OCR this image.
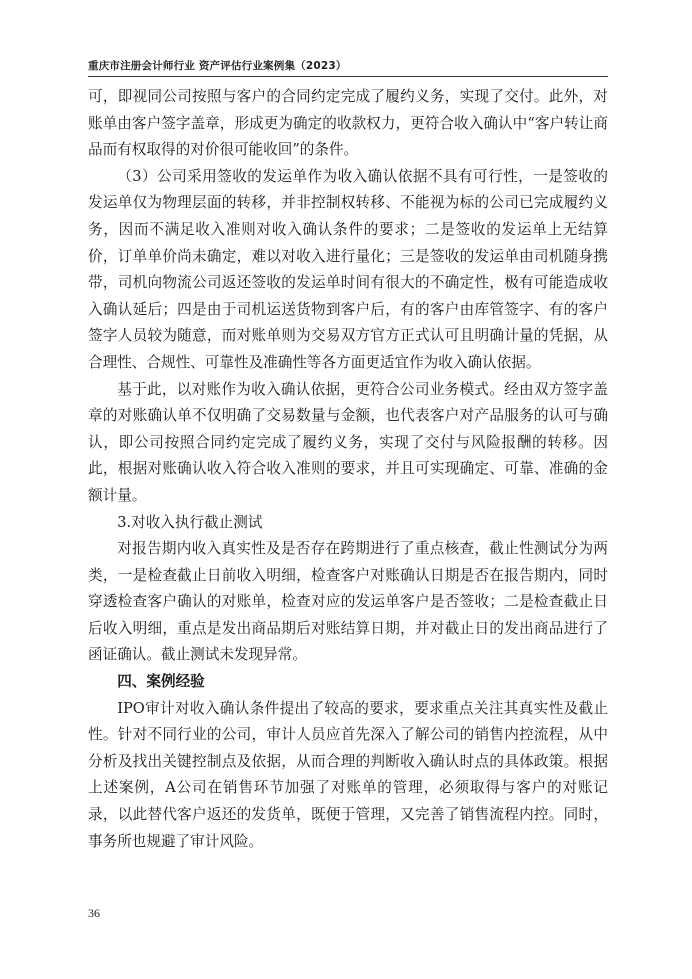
重庆市注册会计师行业 资产评估行业案例集（2023）

可，即视同公司按照与客户的合同约定完成了履约义务，实现了交付。此外，对账单由客户签字盖章，形成更为确定的收款权力，更符合收入确认中“客户转让商品而有权取得的对价很可能收回”的条件。

（3）公司采用签收的发运单作为收入确认依据不具有可行性，一是签收的发运单仅为物理层面的转移，并非控制权转移、不能视为标的公司已完成履约义务，因而不满足收入准则对收入确认条件的要求；二是签收的发运单上无结算价，订单单价尚未确定，难以对收入进行量化；三是签收的发运单由司机随身携带，司机向物流公司返还签收的发运单时间有很大的不确定性，极有可能造成收入确认延后；四是由于司机运送货物到客户后，有的客户由库管签字、有的客户签字人员较为随意，而对账单则为交易双方官方正式认可且明确计量的凭据，从合理性、合规性、可靠性及准确性等各方面更适宜作为收入确认依据。

基于此，以对账作为收入确认依据，更符合公司业务模式。经由双方签字盖章的对账确认单不仅明确了交易数量与金额，也代表客户对产品服务的认可与确认，即公司按照合同约定完成了履约义务，实现了交付与风险报酬的转移。因此，根据对账确认收入符合收入准则的要求，并且可实现确定、可靠、准确的金额计量。

3.对收入执行截止测试

对报告期内收入真实性及是否存在跨期进行了重点核查，截止性测试分为两类，一是检查截止日前收入明细，检查客户对账确认日期是否在报告期内，同时穿透检查客户确认的对账单，检查对应的发运单客户是否签收；二是检查截止日后收入明细，重点是发出商品期后对账结算日期，并对截止日的发出商品进行了函证确认。截止测试未发现异常。

四、案例经验

IPO审计对收入确认条件提出了较高的要求，要求重点关注其真实性及截止性。针对不同行业的公司，审计人员应首先深入了解公司的销售内控流程，从中分析及找出关键控制点及依据，从而合理的判断收入确认时点的具体政策。根据上述案例，A公司在销售环节加强了对账单的管理，必须取得与客户的对账记录，以此替代客户返还的发货单，既便于管理，又完善了销售流程内控。同时，事务所也规避了审计风险。

36
